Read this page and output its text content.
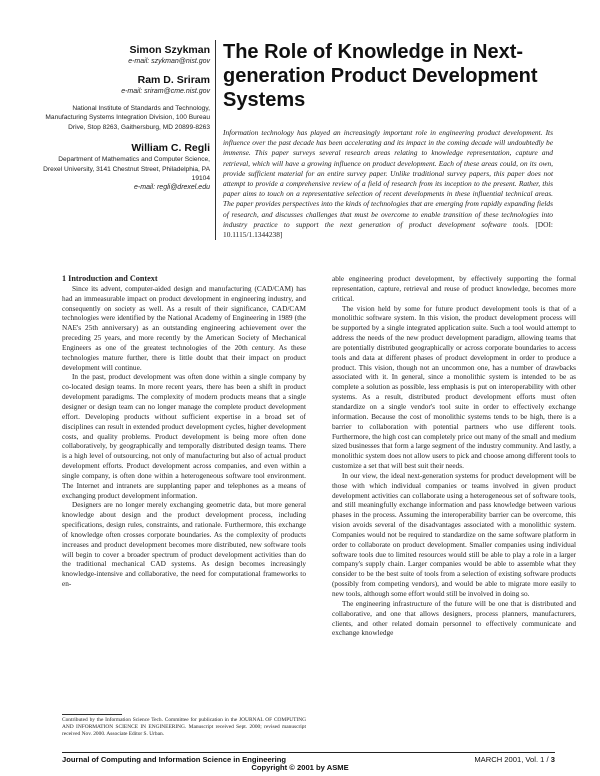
Simon Szykman

e-mail: szykman@nist.gov

Ram D. Sriram

e-mail: sriram@cme.nist.gov

National Institute of Standards and Technology, Manufacturing Systems Integration Division, 100 Bureau Drive, Stop 8263, Gaithersburg, MD 20899-8263

William C. Regli

Department of Mathematics and Computer Science, Drexel University, 3141 Chestnut Street, Philadelphia, PA 19104

e-mail: regli@drexel.edu

The Role of Knowledge in Next-generation Product Development Systems
Information technology has played an increasingly important role in engineering product development. Its influence over the past decade has been accelerating and its impact in the coming decade will undoubtedly be immense. This paper surveys several research areas relating to knowledge representation, capture and retrieval, which will have a growing influence on product development. Each of these areas could, on its own, provide sufficient material for an entire survey paper. Unlike traditional survey papers, this paper does not attempt to provide a comprehensive review of a field of research from its inception to the present. Rather, this paper aims to touch on a representative selection of recent developments in these influential technical areas. The paper provides perspectives into the kinds of technologies that are emerging from rapidly expanding fields of research, and discusses challenges that must be overcome to enable transition of these technologies into industry practice to support the next generation of product development software tools. [DOI: 10.1115/1.1344238]

1 Introduction and Context

Since its advent, computer-aided design and manufacturing (CAD/CAM) has had an immeasurable impact on product development in engineering industry, and consequently on society as well. As a result of their significance, CAD/CAM technologies were identified by the National Academy of Engineering in 1989 (the NAE's 25th anniversary) as an outstanding engineering achievement over the preceding 25 years, and more recently by the American Society of Mechanical Engineers as one of the greatest technologies of the 20th century. As these technologies mature further, there is little doubt that their impact on product development will continue.

In the past, product development was often done within a single company by co-located design teams. In more recent years, there has been a shift in product development paradigms. The complexity of modern products means that a single designer or design team can no longer manage the complete product development effort. Developing products without sufficient expertise in a broad set of disciplines can result in extended product development cycles, higher development costs, and quality problems. Product development is being more often done collaboratively, by geographically and temporally distributed design teams. There is a high level of outsourcing, not only of manufacturing but also of actual product development efforts. Product development across companies, and even within a single company, is often done within a heterogeneous software tool environment. The Internet and intranets are supplanting paper and telephones as a means of exchanging product development information.

Designers are no longer merely exchanging geometric data, but more general knowledge about design and the product development process, including specifications, design rules, constraints, and rationale. Furthermore, this exchange of knowledge often crosses corporate boundaries. As the complexity of products increases and product development becomes more distributed, new software tools will begin to cover a broader spectrum of product development activities than do the traditional mechanical CAD systems. As design becomes increasingly knowledge-intensive and collaborative, the need for computational frameworks to en-

Contributed by the Information Science Tech. Committee for publication in the JOURNAL OF COMPUTING AND INFORMATION SCIENCE IN ENGINEERING. Manuscript received Sept. 2000; revised manuscript received Nov. 2000. Associate Editor S. Urban.

able engineering product development, by effectively supporting the formal representation, capture, retrieval and reuse of product knowledge, becomes more critical.

The vision held by some for future product development tools is that of a monolithic software system. In this vision, the product development process will be supported by a single integrated application suite. Such a tool would attempt to address the needs of the new product development paradigm, allowing teams that are potentially distributed geographically or across corporate boundaries to access tools and data at different phases of product development in order to produce a product. This vision, though not an uncommon one, has a number of drawbacks associated with it. In general, since a monolithic system is intended to be as complete a solution as possible, less emphasis is put on interoperability with other systems. As a result, distributed product development efforts must often standardize on a single vendor's tool suite in order to effectively exchange information. Because the cost of monolithic systems tends to be high, there is a barrier to collaboration with potential partners who use different tools. Furthermore, the high cost can completely price out many of the small and medium sized businesses that form a large segment of the industry community. And lastly, a monolithic system does not allow users to pick and choose among different tools to customize a set that will best suit their needs.

In our view, the ideal next-generation systems for product development will be those with which individual companies or teams involved in given product development activities can collaborate using a heterogeneous set of software tools, and still meaningfully exchange information and pass knowledge between various phases in the process. Assuming the interoperability barrier can be overcome, this vision avoids several of the disadvantages associated with a monolithic system. Companies would not be required to standardize on the same software platform in order to collaborate on product development. Smaller companies using individual software tools due to limited resources would still be able to play a role in a larger company's supply chain. Larger companies would be able to assemble what they consider to be the best suite of tools from a selection of existing software products (possibly from competing vendors), and would be able to migrate more easily to new tools, although some effort would still be involved in doing so.

The engineering infrastructure of the future will be one that is distributed and collaborative, and one that allows designers, process planners, manufacturers, clients, and other related domain personnel to effectively communicate and exchange knowledge

Journal of Computing and Information Science in Engineering

Copyright © 2001 by ASME

MARCH 2001, Vol. 1 / 3
